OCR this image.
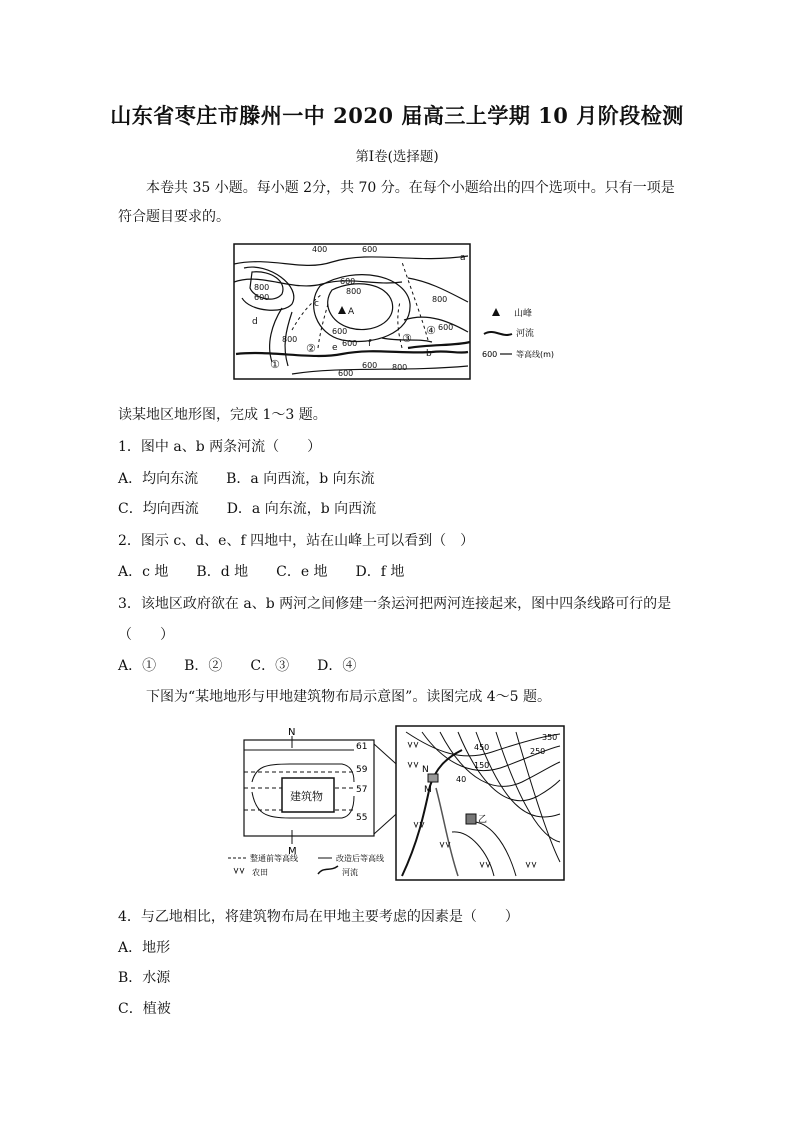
山东省枣庄市滕州一中 2020 届高三上学期 10 月阶段检测
第Ⅰ卷(选择题)
本卷共 35 小题。每小题 2分，共 70 分。在每个小题给出的四个选项中。只有一项是符合题目要求的。
400	600
800
600
600
800
600
800
600
600
600
800
600
800
a
b
c
d
e	f
A
①
②
③
④
山峰
河流
600 等高线(m)
读某地区地形图，完成 1～3 题。
1．图中 a、b 两条河流（　　）
A．均向东流　　B．a 向西流，b 向东流
C．均向西流　　D．a 向东流，b 向西流
2．图示 c、d、e、f 四地中，站在山峰上可以看到（　）
A．c 地　　B．d 地　　C．e 地　　D．f 地
3．该地区政府欲在 a、b 两河之间修建一条运河把两河连接起来，图中四条线路可行的是
（　　）
A．①　　B．②　　C．③　　D．④
下图为“某地地形与甲地建筑物布局示意图”。读图完成 4～5 题。
N
M
建筑物
61
59
57
55
450
350
250
150
40
N
M
乙
整通前等高线	改造后等高线
农田	河流
4．与乙地相比，将建筑物布局在甲地主要考虑的因素是（　　）
A．地形
B．水源
C．植被
